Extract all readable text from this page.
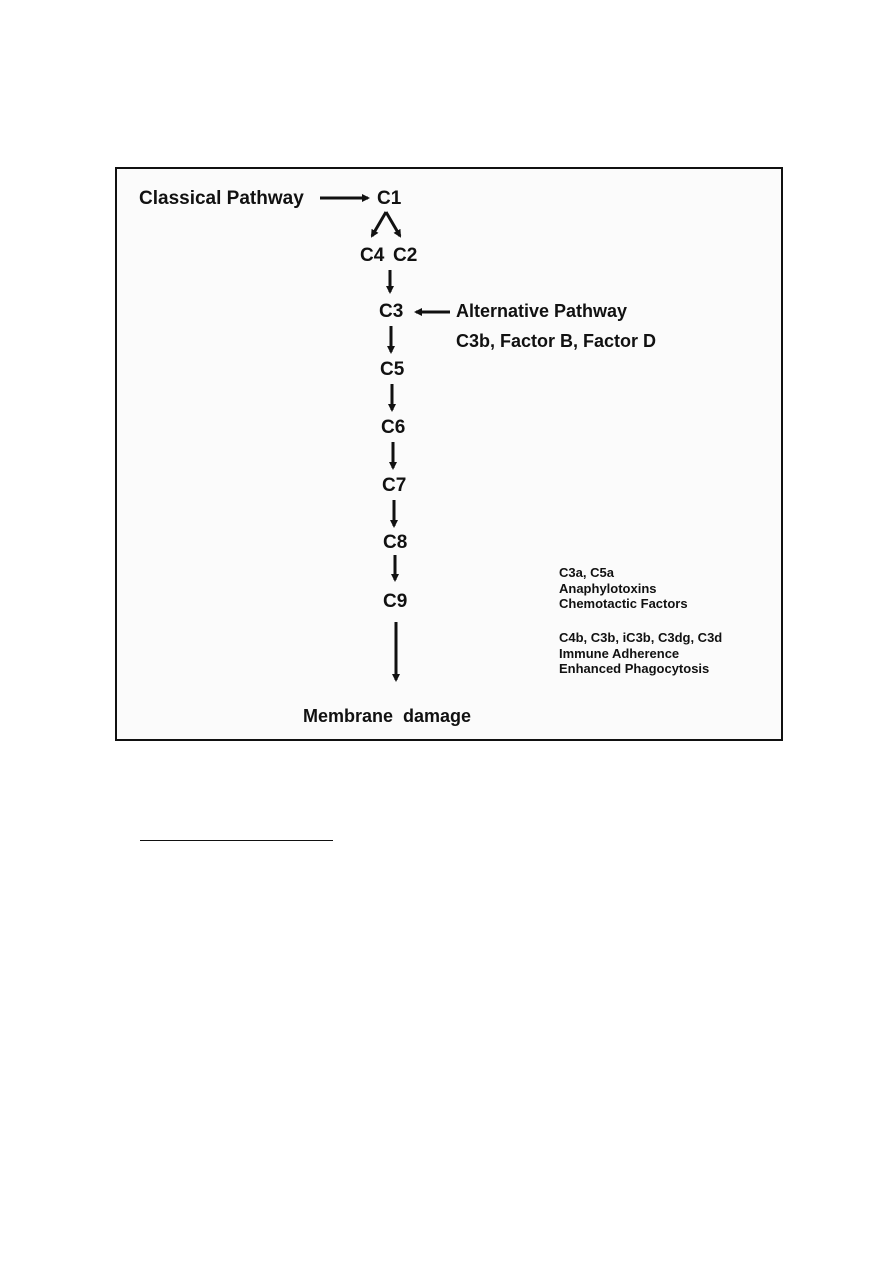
Classical Pathway	C1
C4 C2
C3	Alternative Pathway
C3b, Factor B, Factor D
C5
C6
C7
C8
C9
Membrane  damage
C3a, C5a
Anaphylotoxins
Chemotactic Factors
C4b, C3b, iC3b, C3dg, C3d
Immune Adherence
Enhanced Phagocytosis
